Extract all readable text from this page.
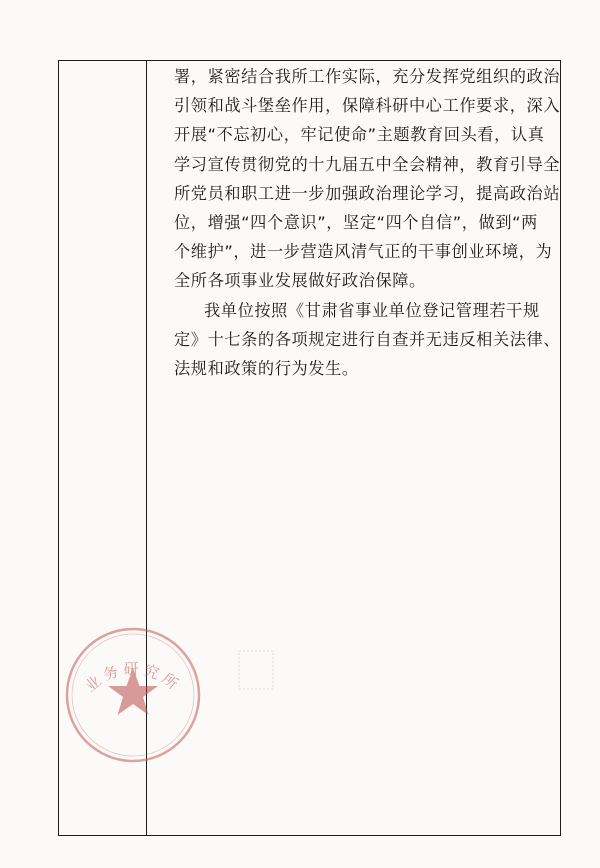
署，紧密结合我所工作实际，充分发挥党组织的政治
引领和战斗堡垒作用，保障科研中心工作要求，深入
开展“不忘初心，牢记使命”主题教育回头看，认真
学习宣传贯彻党的十九届五中全会精神，教育引导全
所党员和职工进一步加强政治理论学习，提高政治站
位，增强“四个意识”，坚定“四个自信”，做到“两
个维护”，进一步营造风清气正的干事创业环境，为
全所各项事业发展做好政治保障。
我单位按照《甘肃省事业单位登记管理若干规
定》十七条的各项规定进行自查并无违反相关法律、
法规和政策的行为发生。
业务研究所
